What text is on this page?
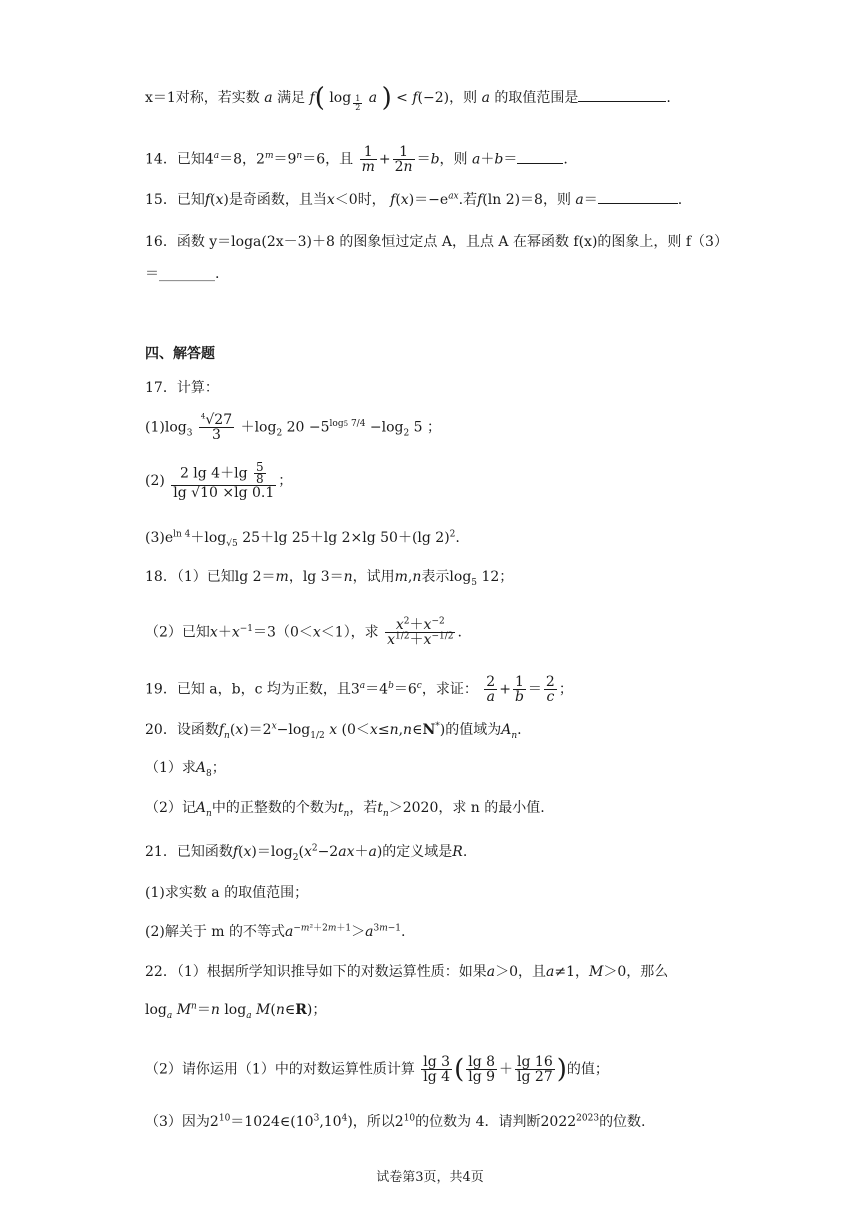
x＝1对称，若实数 a 满足 f( log $_{\frac{1}{2}}$ a ) < f(−2)，则 a 的取值范围是	.
14．已知$4^a=8$，$2^m=9^n=6$，且 $\frac{1}{m} + \frac{1}{2n} =b$，则 a＋b＝	.
15．已知f(x)是奇函数，且当x＜0时， $f(x)=-e^{ax}$.若f(ln 2)＝8，则 a＝	.
16．函数 y＝loga(2x－3)＋8 的图象恒过定点 A，且点 A 在幂函数 f(x)的图象上，则 f（3）
＝________.
四、解答题
17．计算：
$(1)\log_3 \frac{^4√27}{3} +\log_2$ $20 -5^{log5 7/4} -\log_2$ 5 ；
$(2) \frac{2 \lg 4+\lg \frac{5}{8}}{\lg √10 \times\lg 0.1}$ ；
$(3)e^{ln 4}+\log_{√5}$ 25＋lg 25＋lg 2×lg 50＋(lg 2)$^2$.
18．（1）已知lg 2＝m，lg 3＝n，试用m,n表示$\log_5 12$；
（2）已知$x+x^{-1}=3(0<x<1)$，求 $\frac{x^2+x^{-2}}{x^{1/2}+x^{-1/2}}$ .
19．已知 a，b，c 均为正数，且$3^a=4^b=6^c$，求证： $\frac{2}{a} + \frac{1}{b} = \frac{2}{c}$ ；
20．设函数$f_n(x)=2^x-\log_{1/2}$ x (0＜x≤n,n∈N*)的值域为$A_n$.
（1）求$A_8$；
（2）记$A_n$中的正整数的个数为$t_n$，若$t_n>2020$，求 n 的最小值.
21．已知函数$f(x)=\log_2(x^2-2ax+a)$的定义域是R.
(1)求实数 a 的取值范围；
(2)解关于 m 的不等式$a^{-m^2+2m+1}>a^{3m-1}$.
22．（1）根据所学知识推导如下的对数运算性质：如果a＞0，且a≠1，M＞0，那么
$\log_a M^n=n$ $\log_a$ M(n∈R)；
（2）请你运用（1）中的对数运算性质计算 $\frac{\lg 3}{\lg 4}$ ( $\frac{\lg 8}{\lg 9} + \frac{\lg 16}{\lg 27}$ )的值；
（3）因为$2^{10}=1024\in(10^3,10^4)$，所以$2^{10}$的位数为 4．请判断$2022^{2023}$的位数.
试卷第3页，共4页
